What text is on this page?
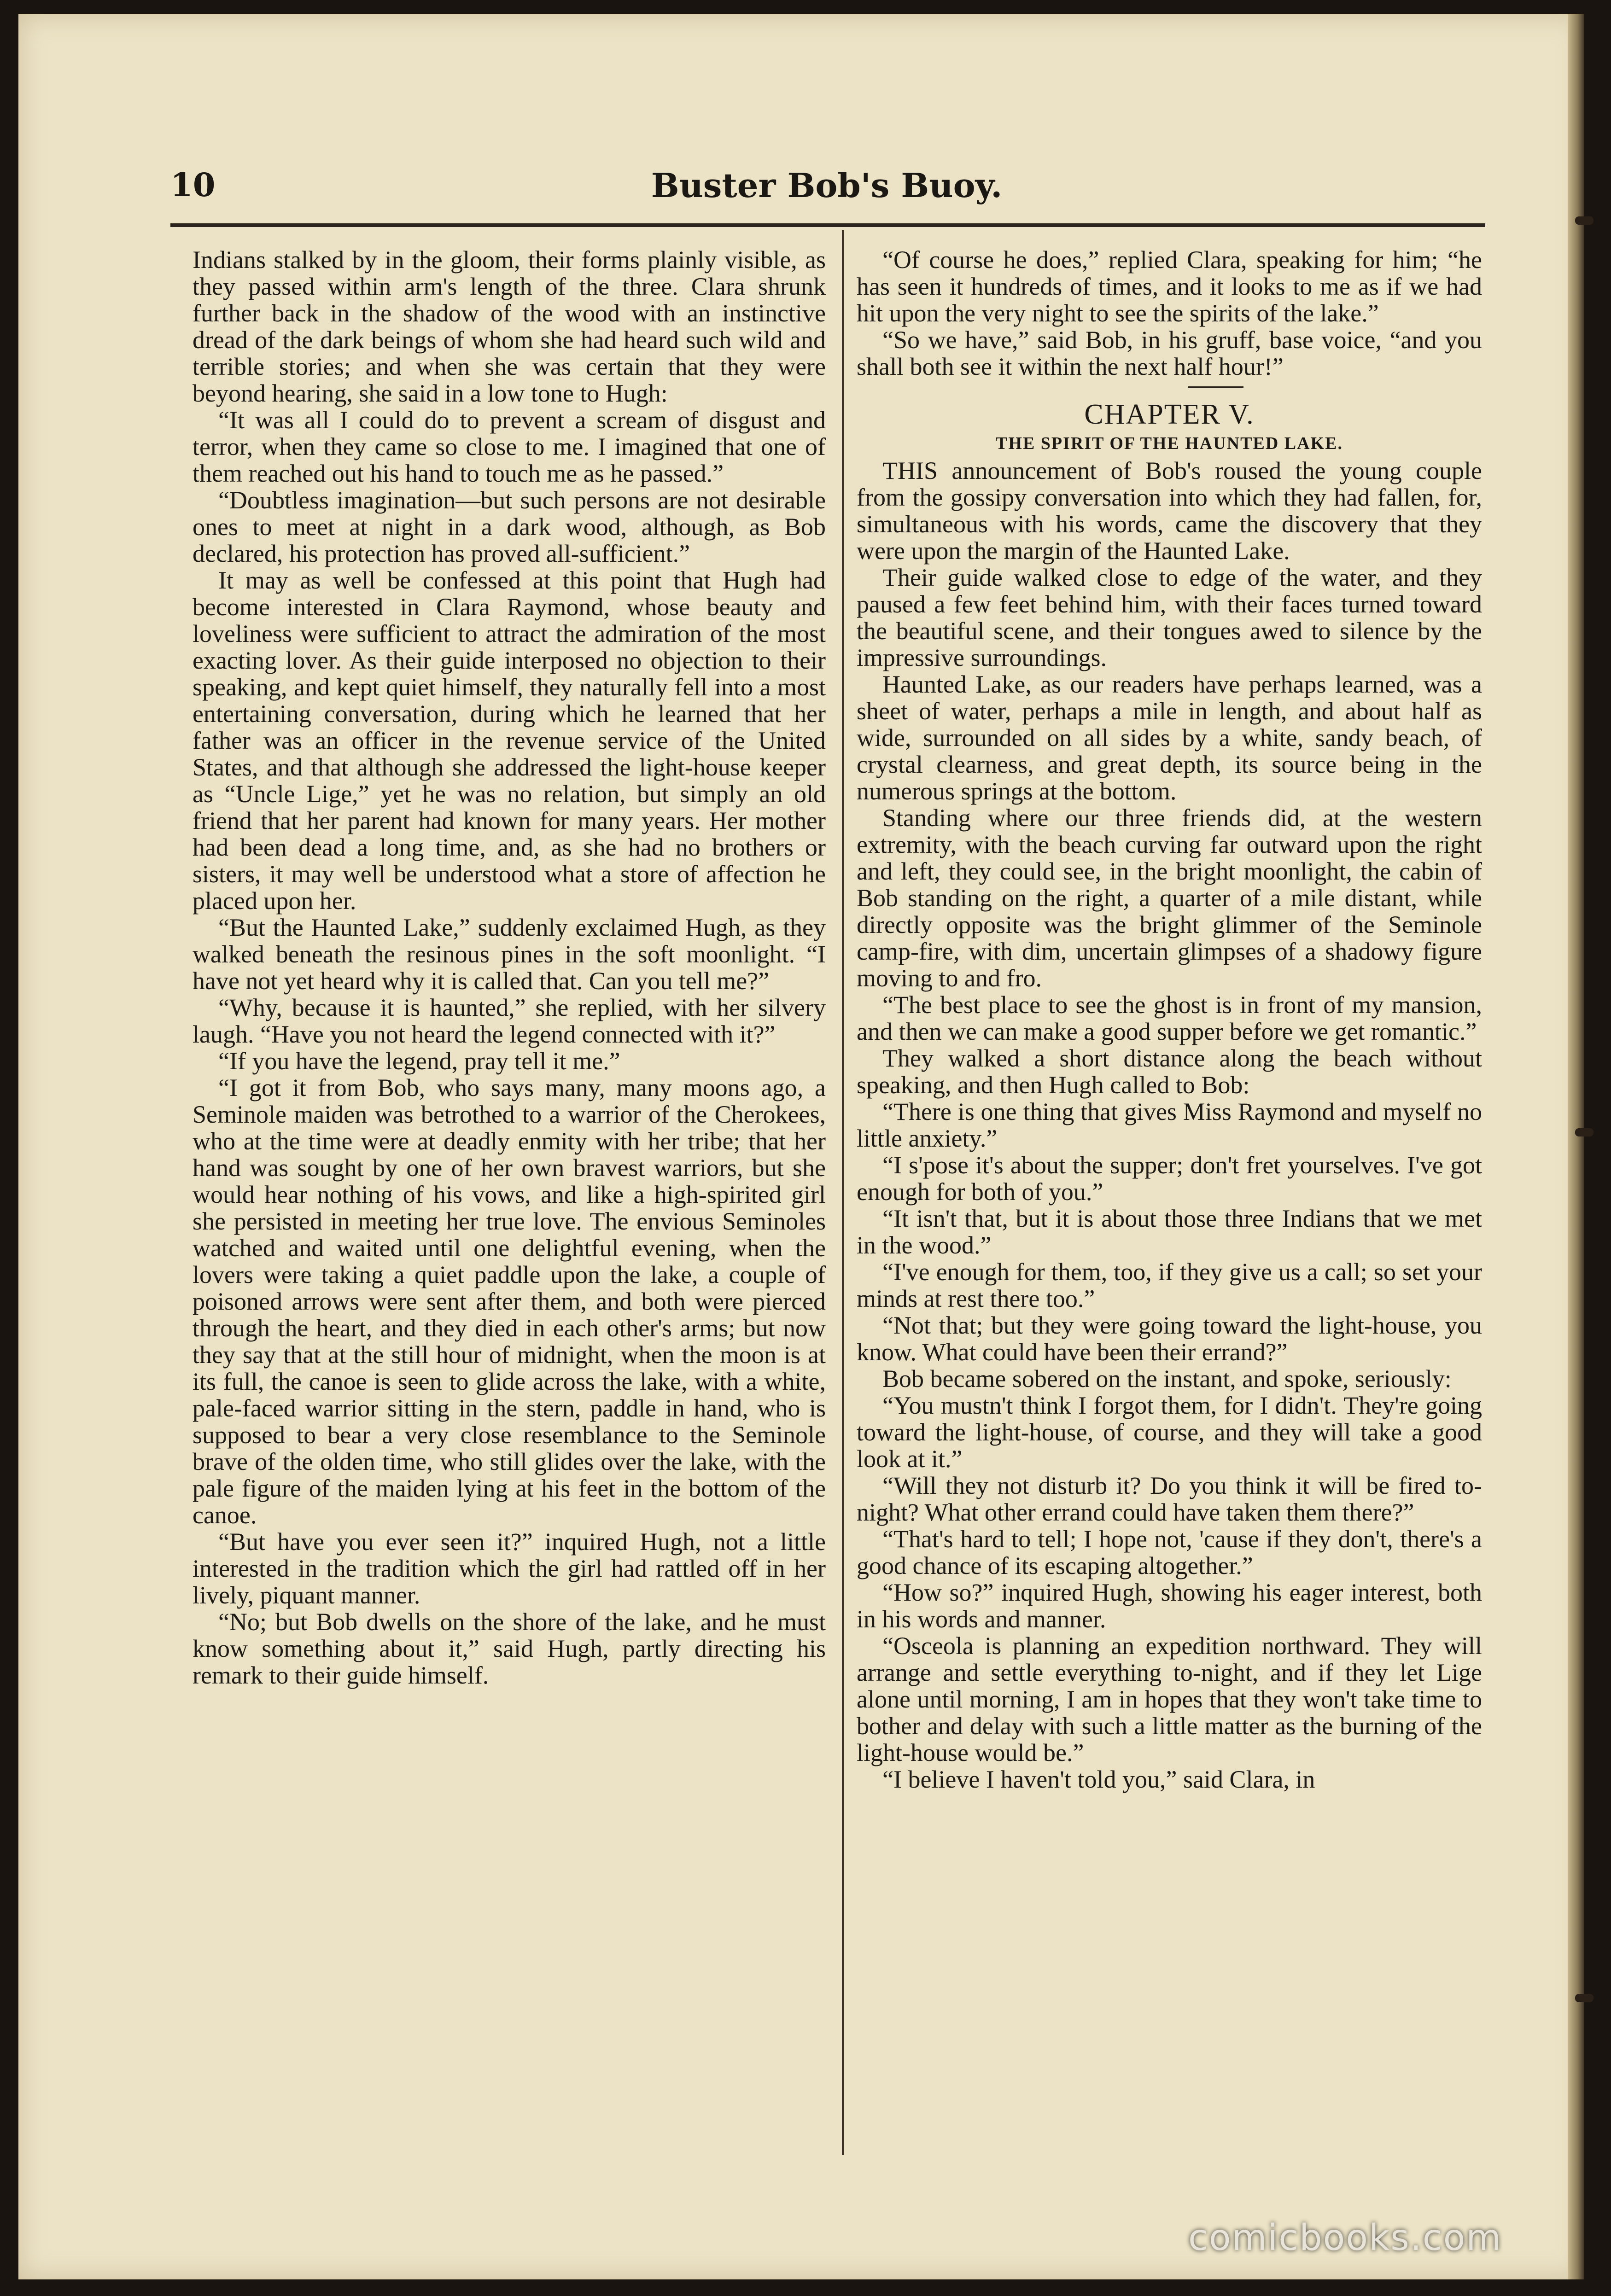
10	Buster Bob's Buoy.

Indians stalked by in the gloom, their forms plainly visible, as they passed within arm's length of the three. Clara shrunk further back in the shadow of the wood with an instinctive dread of the dark beings of whom she had heard such wild and terrible stories; and when she was certain that they were beyond hearing, she said in a low tone to Hugh:

“It was all I could do to prevent a scream of disgust and terror, when they came so close to me. I imagined that one of them reached out his hand to touch me as he passed.”

“Doubtless imagination—but such persons are not desirable ones to meet at night in a dark wood, although, as Bob declared, his protection has proved all-sufficient.”

It may as well be confessed at this point that Hugh had become interested in Clara Raymond, whose beauty and loveliness were sufficient to attract the admiration of the most exacting lover. As their guide interposed no objection to their speaking, and kept quiet himself, they naturally fell into a most entertaining conversation, during which he learned that her father was an officer in the revenue service of the United States, and that although she addressed the light-house keeper as “Uncle Lige,” yet he was no relation, but simply an old friend that her parent had known for many years. Her mother had been dead a long time, and, as she had no brothers or sisters, it may well be understood what a store of affection he placed upon her.

“But the Haunted Lake,” suddenly exclaimed Hugh, as they walked beneath the resinous pines in the soft moonlight. “I have not yet heard why it is called that. Can you tell me?”

“Why, because it is haunted,” she replied, with her silvery laugh. “Have you not heard the legend connected with it?”

“If you have the legend, pray tell it me.”

“I got it from Bob, who says many, many moons ago, a Seminole maiden was betrothed to a warrior of the Cherokees, who at the time were at deadly enmity with her tribe; that her hand was sought by one of her own bravest warriors, but she would hear nothing of his vows, and like a high-spirited girl she persisted in meeting her true love. The envious Seminoles watched and waited until one delightful evening, when the lovers were taking a quiet paddle upon the lake, a couple of poisoned arrows were sent after them, and both were pierced through the heart, and they died in each other's arms; but now they say that at the still hour of midnight, when the moon is at its full, the canoe is seen to glide across the lake, with a white, pale-faced warrior sitting in the stern, paddle in hand, who is supposed to bear a very close resemblance to the Seminole brave of the olden time, who still glides over the lake, with the pale figure of the maiden lying at his feet in the bottom of the canoe.

“But have you ever seen it?” inquired Hugh, not a little interested in the tradition which the girl had rattled off in her lively, piquant manner.

“No; but Bob dwells on the shore of the lake, and he must know something about it,” said Hugh, partly directing his remark to their guide himself.

“Of course he does,” replied Clara, speaking for him; “he has seen it hundreds of times, and it looks to me as if we had hit upon the very night to see the spirits of the lake.”

“So we have,” said Bob, in his gruff, base voice, “and you shall both see it within the next half hour!”

CHAPTER V.

THE SPIRIT OF THE HAUNTED LAKE.

THIS announcement of Bob's roused the young couple from the gossipy conversation into which they had fallen, for, simultaneous with his words, came the discovery that they were upon the margin of the Haunted Lake.

Their guide walked close to edge of the water, and they paused a few feet behind him, with their faces turned toward the beautiful scene, and their tongues awed to silence by the impressive surroundings.

Haunted Lake, as our readers have perhaps learned, was a sheet of water, perhaps a mile in length, and about half as wide, surrounded on all sides by a white, sandy beach, of crystal clearness, and great depth, its source being in the numerous springs at the bottom.

Standing where our three friends did, at the western extremity, with the beach curving far outward upon the right and left, they could see, in the bright moonlight, the cabin of Bob standing on the right, a quarter of a mile distant, while directly opposite was the bright glimmer of the Seminole camp-fire, with dim, uncertain glimpses of a shadowy figure moving to and fro.

“The best place to see the ghost is in front of my mansion, and then we can make a good supper before we get romantic.”

They walked a short distance along the beach without speaking, and then Hugh called to Bob:

“There is one thing that gives Miss Raymond and myself no little anxiety.”

“I s'pose it's about the supper; don't fret yourselves. I've got enough for both of you.”

“It isn't that, but it is about those three Indians that we met in the wood.”

“I've enough for them, too, if they give us a call; so set your minds at rest there too.”

“Not that; but they were going toward the light-house, you know. What could have been their errand?”

Bob became sobered on the instant, and spoke, seriously:

“You mustn't think I forgot them, for I didn't. They're going toward the light-house, of course, and they will take a good look at it.”

“Will they not disturb it? Do you think it will be fired to-night? What other errand could have taken them there?”

“That's hard to tell; I hope not, 'cause if they don't, there's a good chance of its escaping altogether.”

“How so?” inquired Hugh, showing his eager interest, both in his words and manner.

“Osceola is planning an expedition northward. They will arrange and settle everything to-night, and if they let Lige alone until morning, I am in hopes that they won't take time to bother and delay with such a little matter as the burning of the light-house would be.”

“I believe I haven't told you,” said Clara, in

comicbooks.com
